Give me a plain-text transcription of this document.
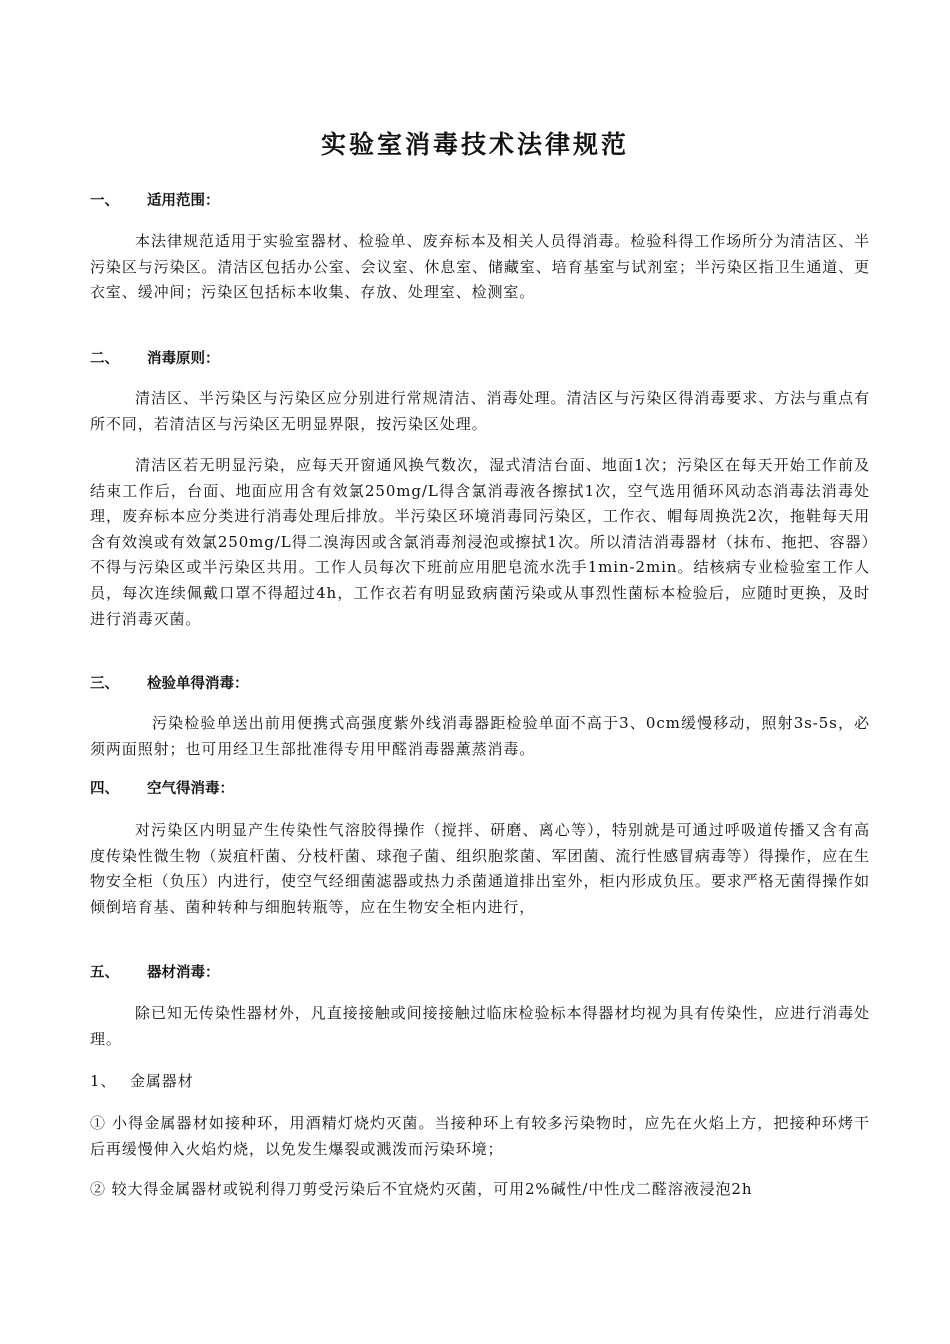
实验室消毒技术法律规范
一、 适用范围：
本法律规范适用于实验室器材、检验单、废弃标本及相关人员得消毒。检验科得工作场所分为清洁区、半污染区与污染区。清洁区包括办公室、会议室、休息室、储藏室、培育基室与试剂室；半污染区指卫生通道、更衣室、缓冲间；污染区包括标本收集、存放、处理室、检测室。
二、 消毒原则：
清洁区、半污染区与污染区应分别进行常规清洁、消毒处理。清洁区与污染区得消毒要求、方法与重点有所不同，若清洁区与污染区无明显界限，按污染区处理。
清洁区若无明显污染，应每天开窗通风换气数次，湿式清洁台面、地面1次；污染区在每天开始工作前及结束工作后，台面、地面应用含有效氯250mg/L得含氯消毒液各擦拭1次，空气选用循环风动态消毒法消毒处理，废弃标本应分类进行消毒处理后排放。半污染区环境消毒同污染区，工作衣、帽每周换洗2次，拖鞋每天用含有效溴或有效氯250mg/L得二溴海因或含氯消毒剂浸泡或擦拭1次。所以清洁消毒器材（抹布、拖把、容器）不得与污染区或半污染区共用。工作人员每次下班前应用肥皂流水洗手1min-2min。结核病专业检验室工作人员，每次连续佩戴口罩不得超过4h，工作衣若有明显致病菌污染或从事烈性菌标本检验后，应随时更换，及时进行消毒灭菌。
三、 检验单得消毒：
污染检验单送出前用便携式高强度紫外线消毒器距检验单面不高于3、0cm缓慢移动，照射3s-5s，必须两面照射；也可用经卫生部批准得专用甲醛消毒器薰蒸消毒。
四、 空气得消毒：
对污染区内明显产生传染性气溶胶得操作（搅拌、研磨、离心等），特别就是可通过呼吸道传播又含有高度传染性微生物（炭疽杆菌、分枝杆菌、球孢子菌、组织胞浆菌、军团菌、流行性感冒病毒等）得操作，应在生物安全柜（负压）内进行，使空气经细菌滤器或热力杀菌通道排出室外，柜内形成负压。要求严格无菌得操作如倾倒培育基、菌种转种与细胞转瓶等，应在生物安全柜内进行，
五、 器材消毒：
除已知无传染性器材外，凡直接接触或间接接触过临床检验标本得器材均视为具有传染性，应进行消毒处理。
1、 金属器材
① 小得金属器材如接种环，用酒精灯烧灼灭菌。当接种环上有较多污染物时，应先在火焰上方，把接种环烤干后再缓慢伸入火焰灼烧，以免发生爆裂或溅泼而污染环境；
② 较大得金属器材或锐利得刀剪受污染后不宜烧灼灭菌，可用2%碱性/中性戊二醛溶液浸泡2h
